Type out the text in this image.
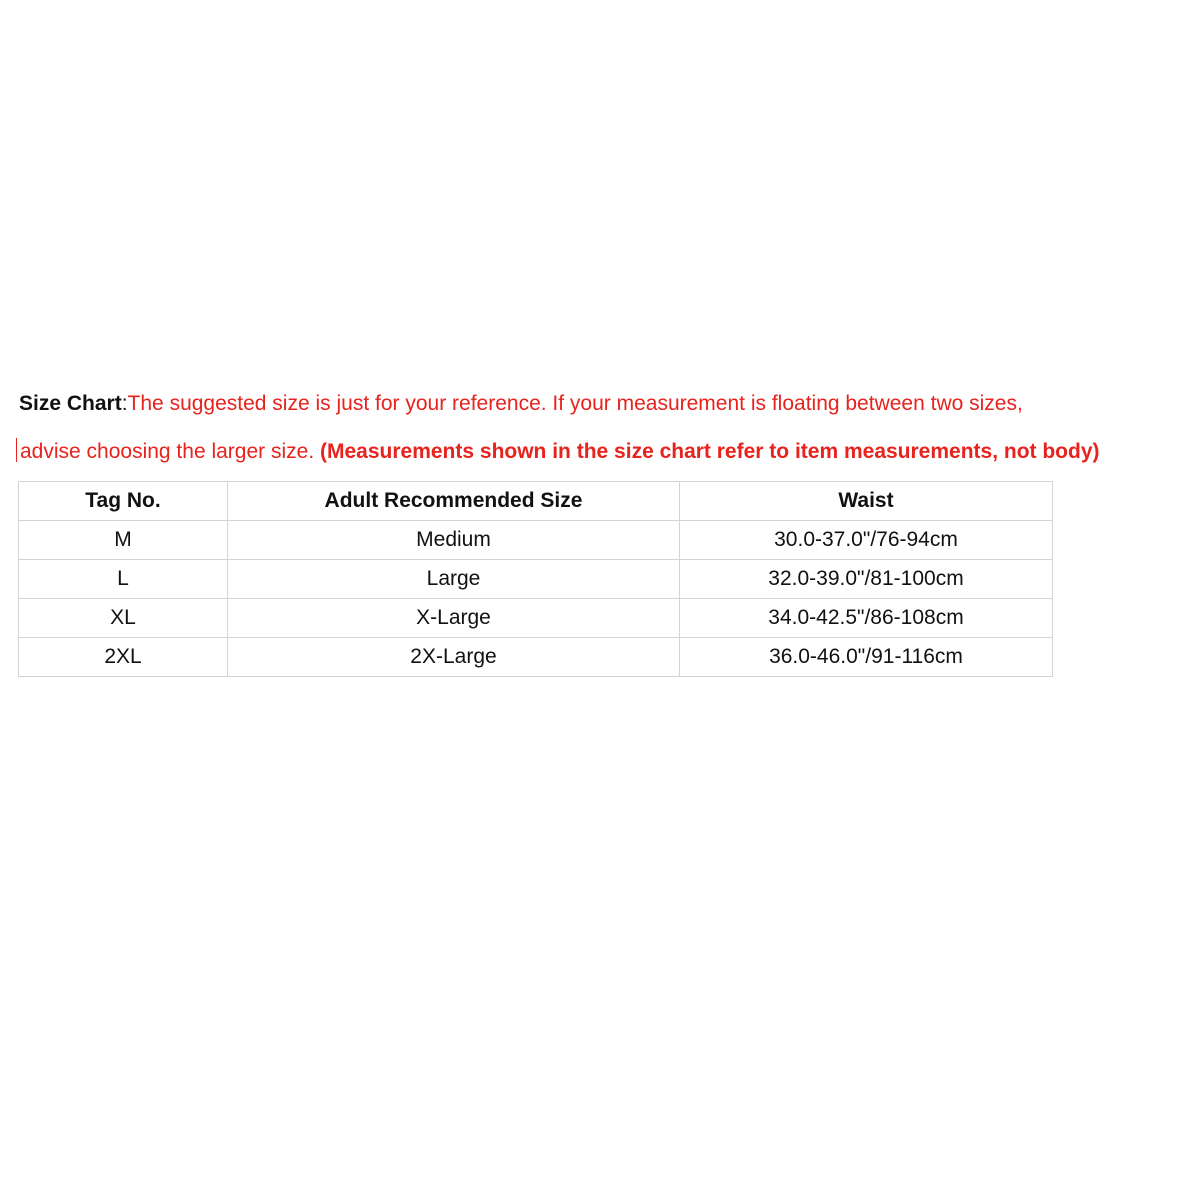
Size Chart:The suggested size is just for your reference. If your measurement is floating between two sizes,
advise choosing the larger size. (Measurements shown in the size chart refer to item measurements, not body)
Tag No.	Adult Recommended Size	Waist
M	Medium	30.0-37.0"/76-94cm
L	Large	32.0-39.0"/81-100cm
XL	X-Large	34.0-42.5"/86-108cm
2XL	2X-Large	36.0-46.0"/91-116cm
